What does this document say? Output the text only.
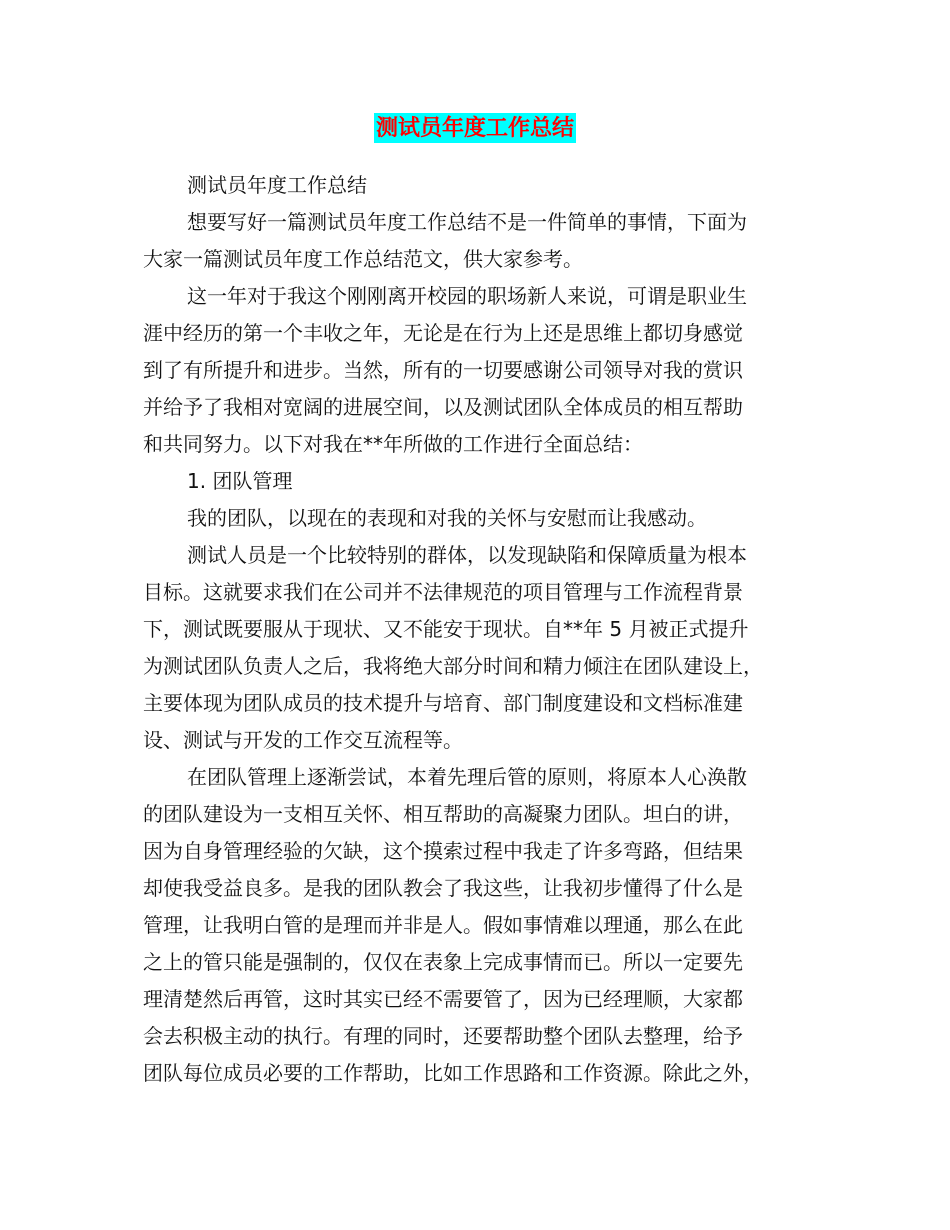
测试员年度工作总结
测试员年度工作总结
想要写好一篇测试员年度工作总结不是一件简单的事情，下面为
大家一篇测试员年度工作总结范文，供大家参考。
这一年对于我这个刚刚离开校园的职场新人来说，可谓是职业生
涯中经历的第一个丰收之年，无论是在行为上还是思维上都切身感觉
到了有所提升和进步。当然，所有的一切要感谢公司领导对我的赏识
并给予了我相对宽阔的进展空间，以及测试团队全体成员的相互帮助
和共同努力。以下对我在**年所做的工作进行全面总结：
1. 团队管理
我的团队，以现在的表现和对我的关怀与安慰而让我感动。
测试人员是一个比较特别的群体，以发现缺陷和保障质量为根本
目标。这就要求我们在公司并不法律规范的项目管理与工作流程背景
下，测试既要服从于现状、又不能安于现状。自**年 5 月被正式提升
为测试团队负责人之后，我将绝大部分时间和精力倾注在团队建设上，
主要体现为团队成员的技术提升与培育、部门制度建设和文档标准建
设、测试与开发的工作交互流程等。
在团队管理上逐渐尝试，本着先理后管的原则，将原本人心涣散
的团队建设为一支相互关怀、相互帮助的高凝聚力团队。坦白的讲，
因为自身管理经验的欠缺，这个摸索过程中我走了许多弯路，但结果
却使我受益良多。是我的团队教会了我这些，让我初步懂得了什么是
管理，让我明白管的是理而并非是人。假如事情难以理通，那么在此
之上的管只能是强制的，仅仅在表象上完成事情而已。所以一定要先
理清楚然后再管，这时其实已经不需要管了，因为已经理顺，大家都
会去积极主动的执行。有理的同时，还要帮助整个团队去整理，给予
团队每位成员必要的工作帮助，比如工作思路和工作资源。除此之外，
